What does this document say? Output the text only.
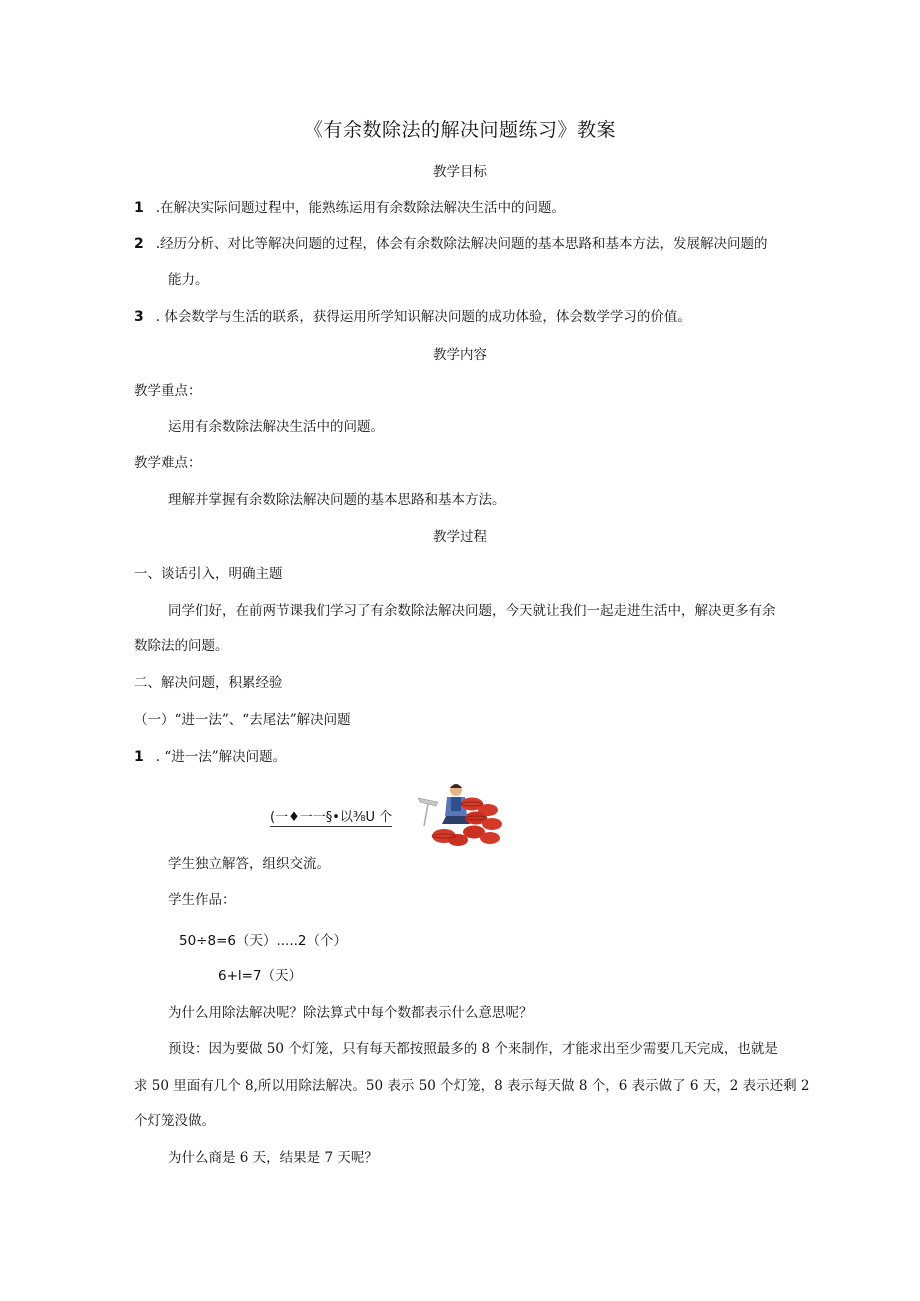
《有余数除法的解决问题练习》教案
教学目标
1 .在解决实际问题过程中，能熟练运用有余数除法解决生活中的问题。
2 .经历分析、对比等解决问题的过程，体会有余数除法解决问题的基本思路和基本方法，发展解决问题的
能力。
3 . 体会数学与生活的联系，获得运用所学知识解决问题的成功体验，体会数学学习的价值。
教学内容
教学重点：
运用有余数除法解决生活中的问题。
教学难点：
理解并掌握有余数除法解决问题的基本思路和基本方法。
教学过程
一、谈话引入，明确主题
同学们好，在前两节课我们学习了有余数除法解决问题，今天就让我们一起走进生活中，解决更多有余
数除法的问题。
二、解决问题，积累经验
（一）“进一法”、“去尾法”解决问题
1 . “进一法”解决问题。
(一♦一一§•以⅜U 个
学生独立解答，组织交流。
学生作品：
50÷8=6（天）.....2（个）
6+l=7（天）
为什么用除法解决呢？除法算式中每个数都表示什么意思呢？
预设：因为要做 50 个灯笼，只有每天都按照最多的 8 个来制作，才能求出至少需要几天完成，也就是
求 50 里面有几个 8,所以用除法解决。50 表示 50 个灯笼，8 表示每天做 8 个，6 表示做了 6 天，2 表示还剩 2
个灯笼没做。
为什么商是 6 天，结果是 7 天呢？
